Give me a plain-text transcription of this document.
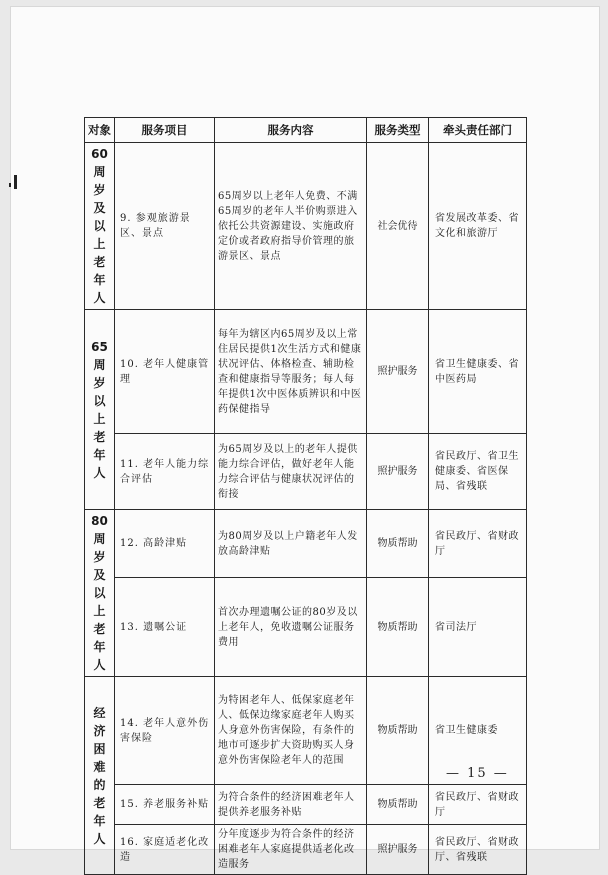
对象	服务项目	服务内容	服务类型	牵头责任部门
60周岁及以上老年人	9. 参观旅游景区、景点	65周岁以上老年人免费、不满65周岁的老年人半价购票进入依托公共资源建设、实施政府定价或者政府指导价管理的旅游景区、景点	社会优待	省发展改革委、省文化和旅游厅
65周岁以上老年人	10. 老年人健康管理	每年为辖区内65周岁及以上常住居民提供1次生活方式和健康状况评估、体格检查、辅助检查和健康指导等服务；每人每年提供1次中医体质辨识和中医药保健指导	照护服务	省卫生健康委、省中医药局
	11. 老年人能力综合评估	为65周岁及以上的老年人提供能力综合评估，做好老年人能力综合评估与健康状况评估的衔接	照护服务	省民政厅、省卫生健康委、省医保局、省残联
80周岁及以上老年人	12. 高龄津贴	为80周岁及以上户籍老年人发放高龄津贴	物质帮助	省民政厅、省财政厅
	13. 遗嘱公证	首次办理遗嘱公证的80岁及以上老年人，免收遗嘱公证服务费用	物质帮助	省司法厅
经济困难的老年人	14. 老年人意外伤害保险	为特困老年人、低保家庭老年人、低保边缘家庭老年人购买人身意外伤害保险，有条件的地市可逐步扩大资助购买人身意外伤害保险老年人的范围	物质帮助	省卫生健康委
	15. 养老服务补贴	为符合条件的经济困难老年人提供养老服务补贴	物质帮助	省民政厅、省财政厅
	16. 家庭适老化改造	分年度逐步为符合条件的经济困难老年人家庭提供适老化改造服务	照护服务	省民政厅、省财政厅、省残联
— 15 —
